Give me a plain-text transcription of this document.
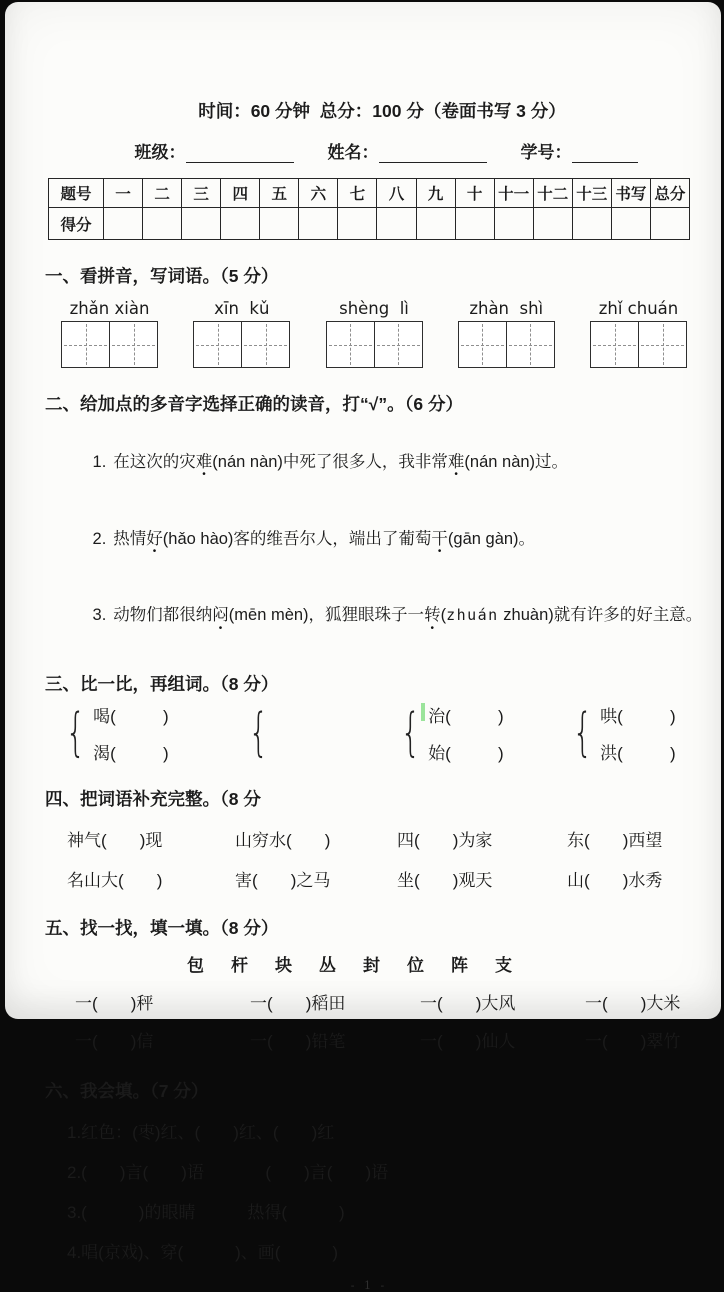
时间：60 分钟  总分：100 分（卷面书写 3 分）
班级：	姓名：	学号：
题号	一	二	三	四	五	六	七	八	九	十	十一	十二	十三	书写	总分
得分															
一、看拼音，写词语。（5 分）
zhǎn xiàn	xīn  kǔ	shèng  lì	zhàn  shì	zhǐ chuán
二、给加点的多音字选择正确的读音，打“√”。（6 分）

1. 在这次的灾难(nán nàn)中死了很多人，我非常难(nán nàn)过。

2. 热情好(hǎo hào)客的维吾尔人，端出了葡萄干(gān gàn)。

3. 动物们都很纳闷(mēn mèn)，狐狸眼珠子一转(zhuán zhuàn)就有许多的好主意。

三、比一比，再组词。（8 分）
{
喝(          )
渴(          )
{
{
治(          )
始(          )
{
哄(          )
洪(          )
四、把词语补充完整。（8 分
神气(       )现	山穷水(       )	四(       )为家	东(       )西望
名山大(       )	害(       )之马	坐(       )观天	山(       )水秀
五、找一找，填一填。（8 分）
包 杆 块 丛 封 位 阵 支
一(       )秤	一(       )稻田	一(       )大风	一(       )大米
一(       )信	一(       )铅笔	一(       )仙人	一(       )翠竹
六、我会填。（7 分）
1.红色：(枣)红、(       )红、(       )红
2.(       )言(       )语             (       )言(       )语
3.(           )的眼睛           热得(           )
4.唱(京戏)、穿(           )、画(           )
- 1 -
